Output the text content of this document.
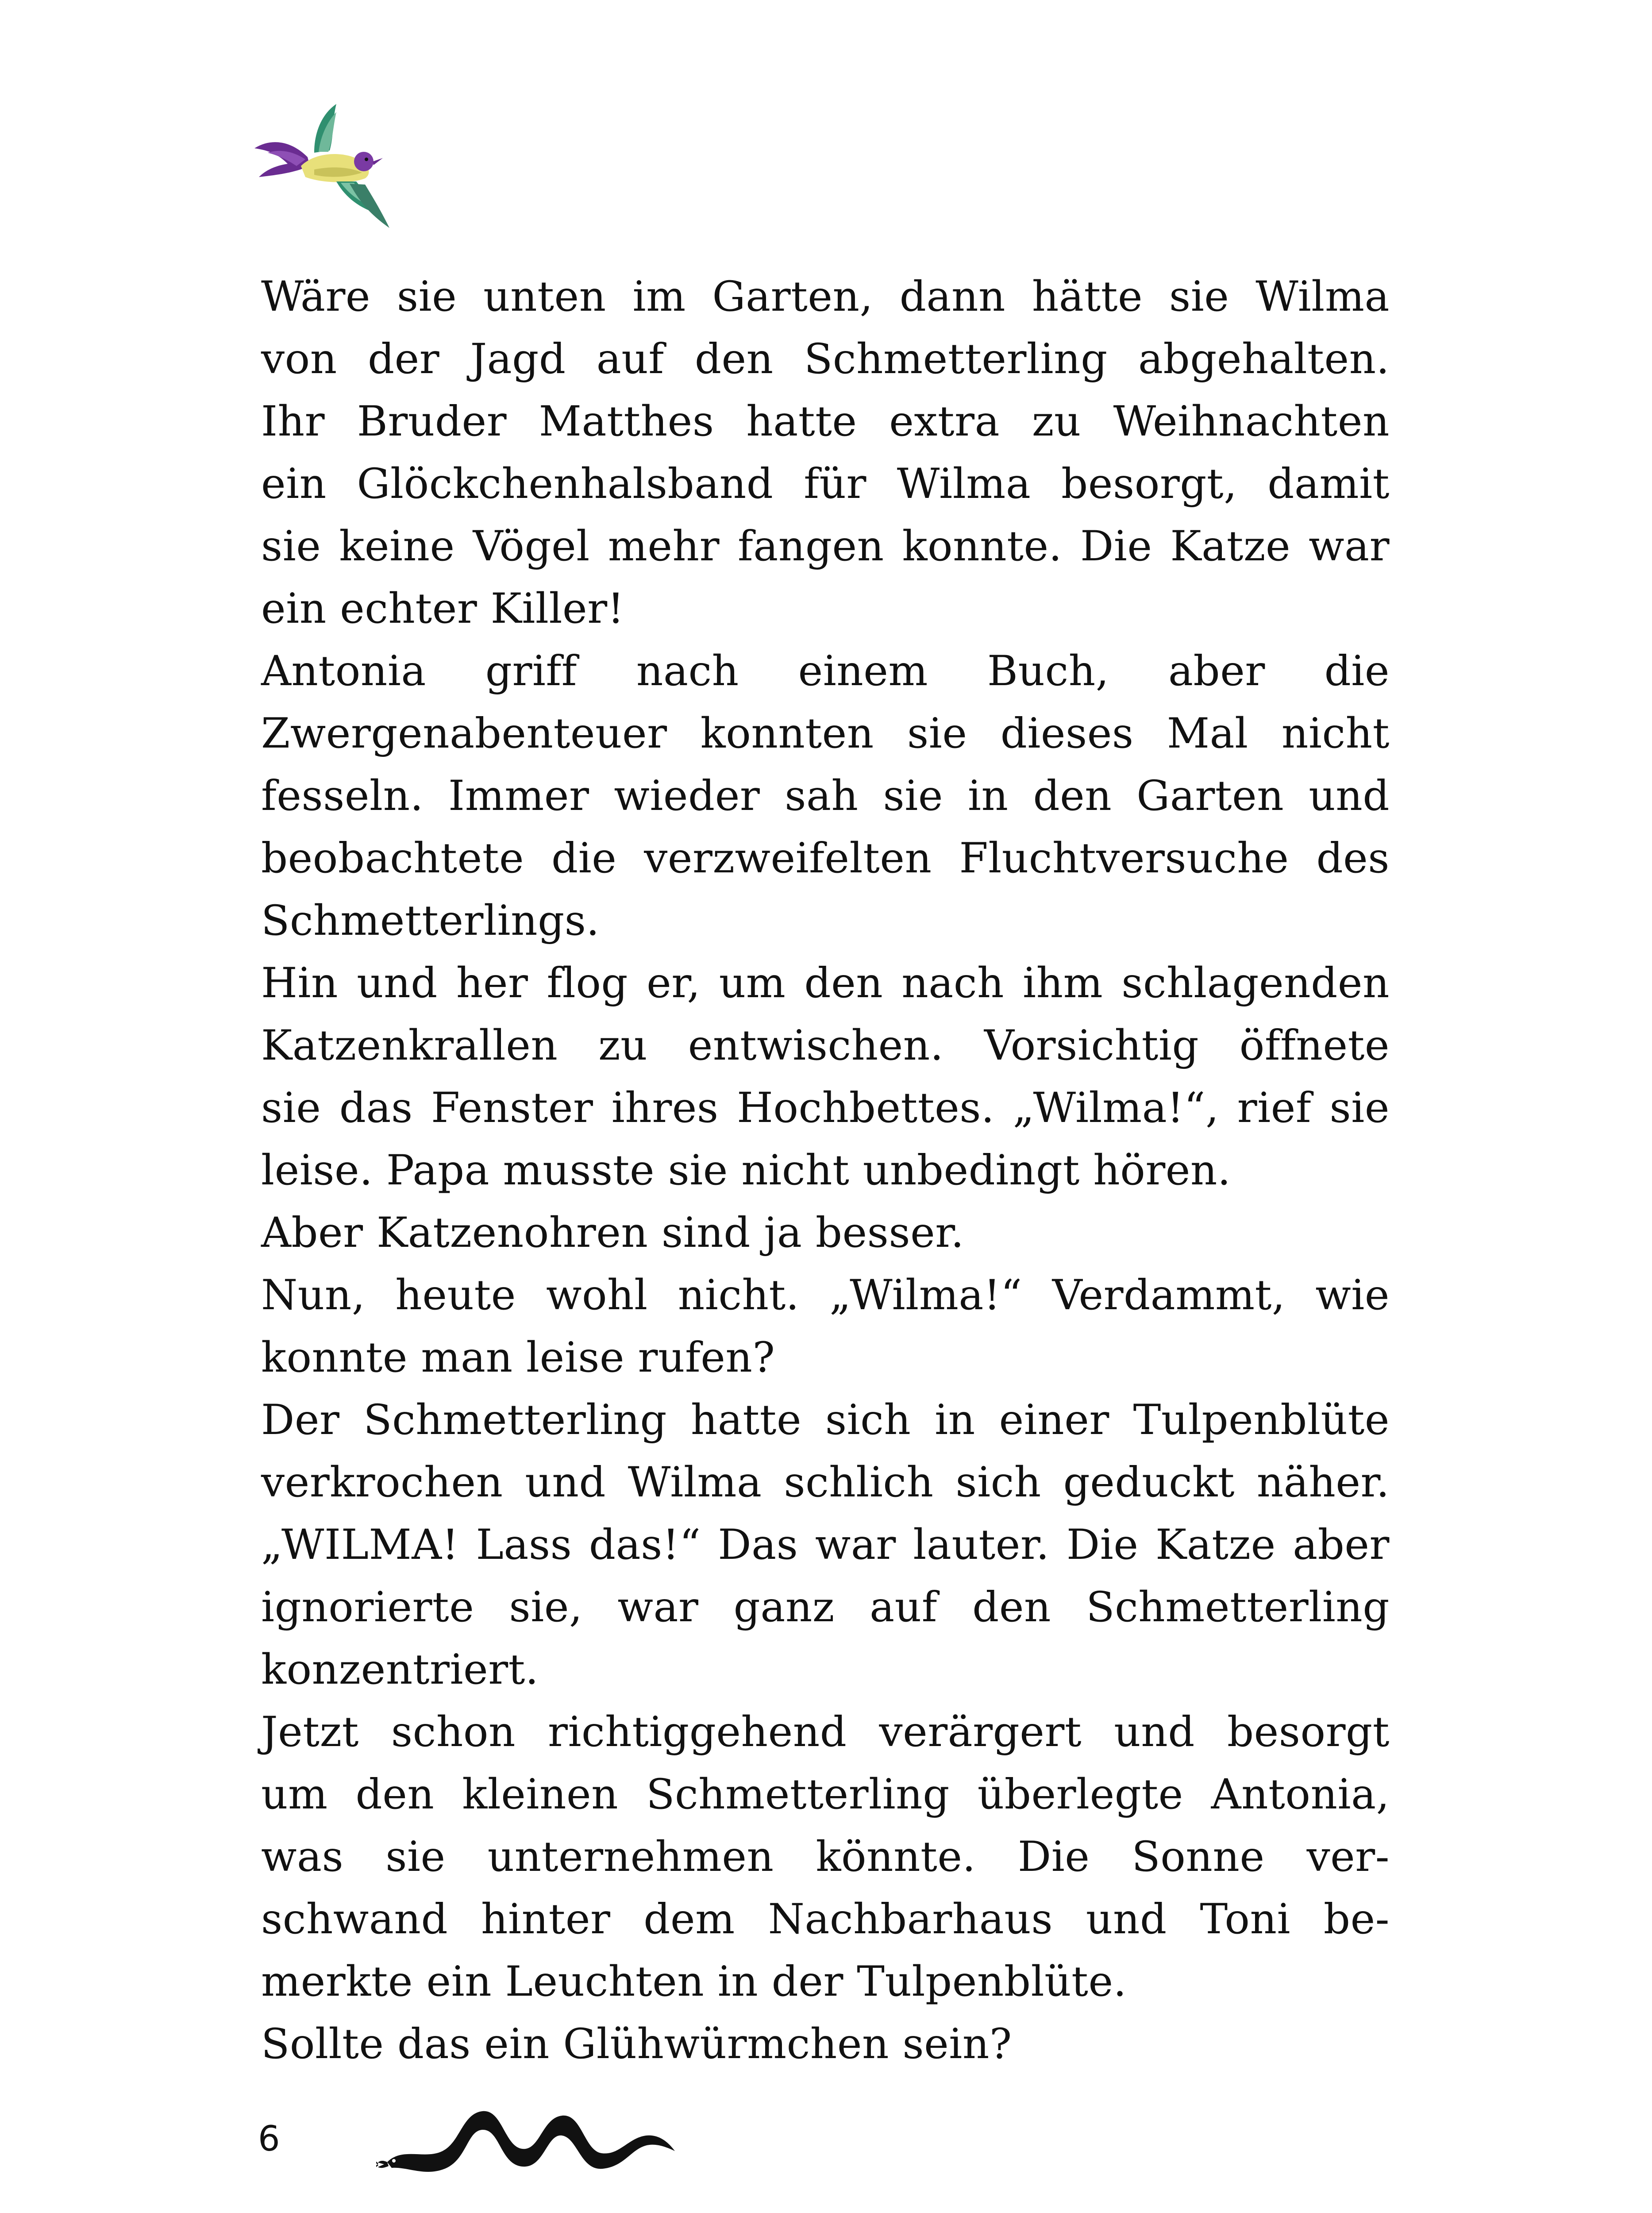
Wäre sie unten im Garten, dann hätte sie Wilma
von der Jagd auf den Schmetterling abgehalten.
Ihr Bruder Matthes hatte extra zu Weihnachten
ein Glöckchenhalsband für Wilma besorgt, damit
sie keine Vögel mehr fangen konnte. Die Katze war
ein echter Killer!
Antonia griff nach einem Buch, aber die
Zwergenabenteuer konnten sie dieses Mal nicht
fesseln. Immer wieder sah sie in den Garten und
beobachtete die verzweifelten Fluchtversuche des
Schmetterlings.
Hin und her flog er, um den nach ihm schlagenden
Katzenkrallen zu entwischen. Vorsichtig öffnete
sie das Fenster ihres Hochbettes. „Wilma!“, rief sie
leise. Papa musste sie nicht unbedingt hören.
Aber Katzenohren sind ja besser.
Nun, heute wohl nicht. „Wilma!“ Verdammt, wie
konnte man leise rufen?
Der Schmetterling hatte sich in einer Tulpenblüte
verkrochen und Wilma schlich sich geduckt näher.
„WILMA! Lass das!“ Das war lauter. Die Katze aber
ignorierte sie, war ganz auf den Schmetterling
konzentriert.
Jetzt schon richtiggehend verärgert und besorgt
um den kleinen Schmetterling überlegte Antonia,
was sie unternehmen könnte. Die Sonne ver-
schwand hinter dem Nachbarhaus und Toni be-
merkte ein Leuchten in der Tulpenblüte.
Sollte das ein Glühwürmchen sein?
6
